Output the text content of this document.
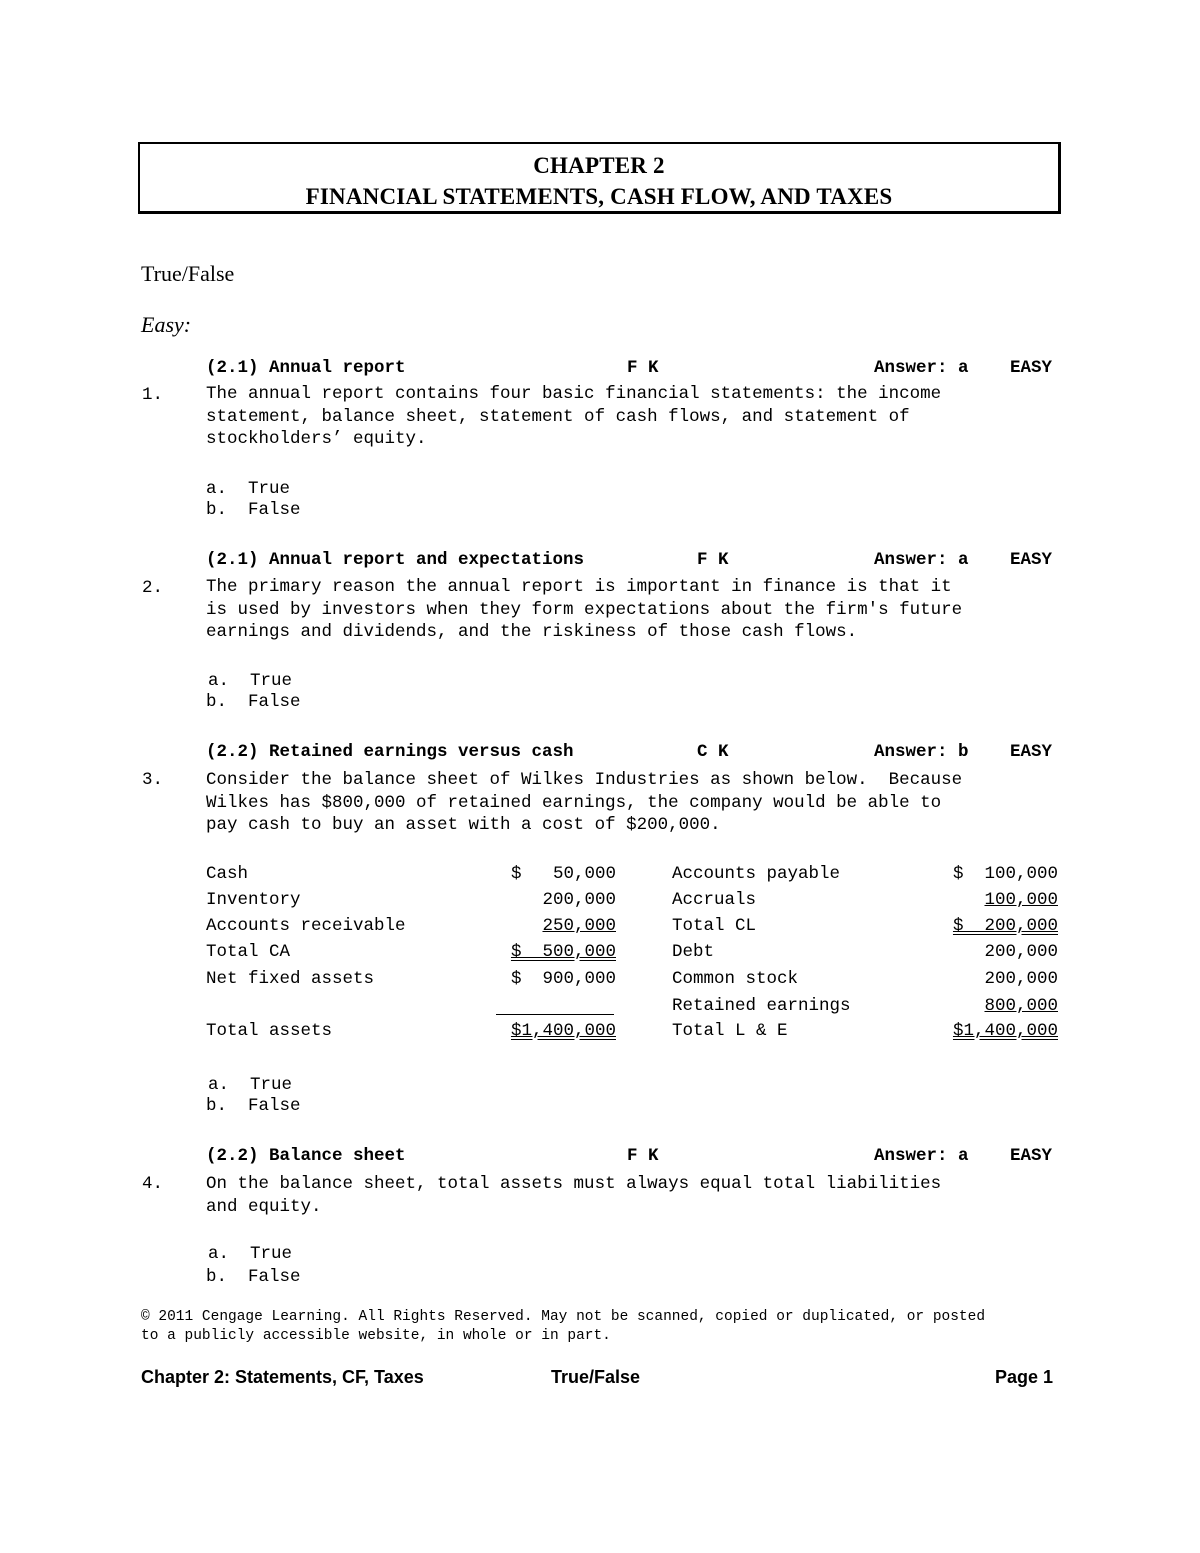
CHAPTER 2
FINANCIAL STATEMENTS, CASH FLOW, AND TAXES
True/False
Easy:

(2.1) Annual report

	F K

	Answer: a

EASY

1. The annual report contains four basic financial statements: the income
statement, balance sheet, statement of cash flows, and statement of
stockholders’ equity.
a.  True
b.  False

(2.1) Annual report and expectations

	F K

	Answer: a

EASY

2. The primary reason the annual report is important in finance is that it
is used by investors when they form expectations about the firm's future
earnings and dividends, and the riskiness of those cash flows.
a.  True
b.  False

(2.2) Retained earnings versus cash

	C K

	Answer: b

EASY

3. Consider the balance sheet of Wilkes Industries as shown below.  Because
Wilkes has $800,000 of retained earnings, the company would be able to
pay cash to buy an asset with a cost of $200,000.
Cash	$   50,000
Inventory	200,000
Accounts receivable	250,000
Total CA	$  500,000
Net fixed assets	$  900,000
Total assets	$1,400,000
Accounts payable	$  100,000
Accruals	100,000
Total CL	$  200,000
Debt	200,000
Common stock	200,000
Retained earnings	800,000
Total L & E	$1,400,000
a.  True
b.  False

(2.2) Balance sheet

	F K

	Answer: a

EASY

4. On the balance sheet, total assets must always equal total liabilities
and equity.
a.  True
b.  False
© 2011 Cengage Learning. All Rights Reserved. May not be scanned, copied or duplicated, or posted
to a publicly accessible website, in whole or in part.
Chapter 2: Statements, CF, Taxes	True/False	Page 1
